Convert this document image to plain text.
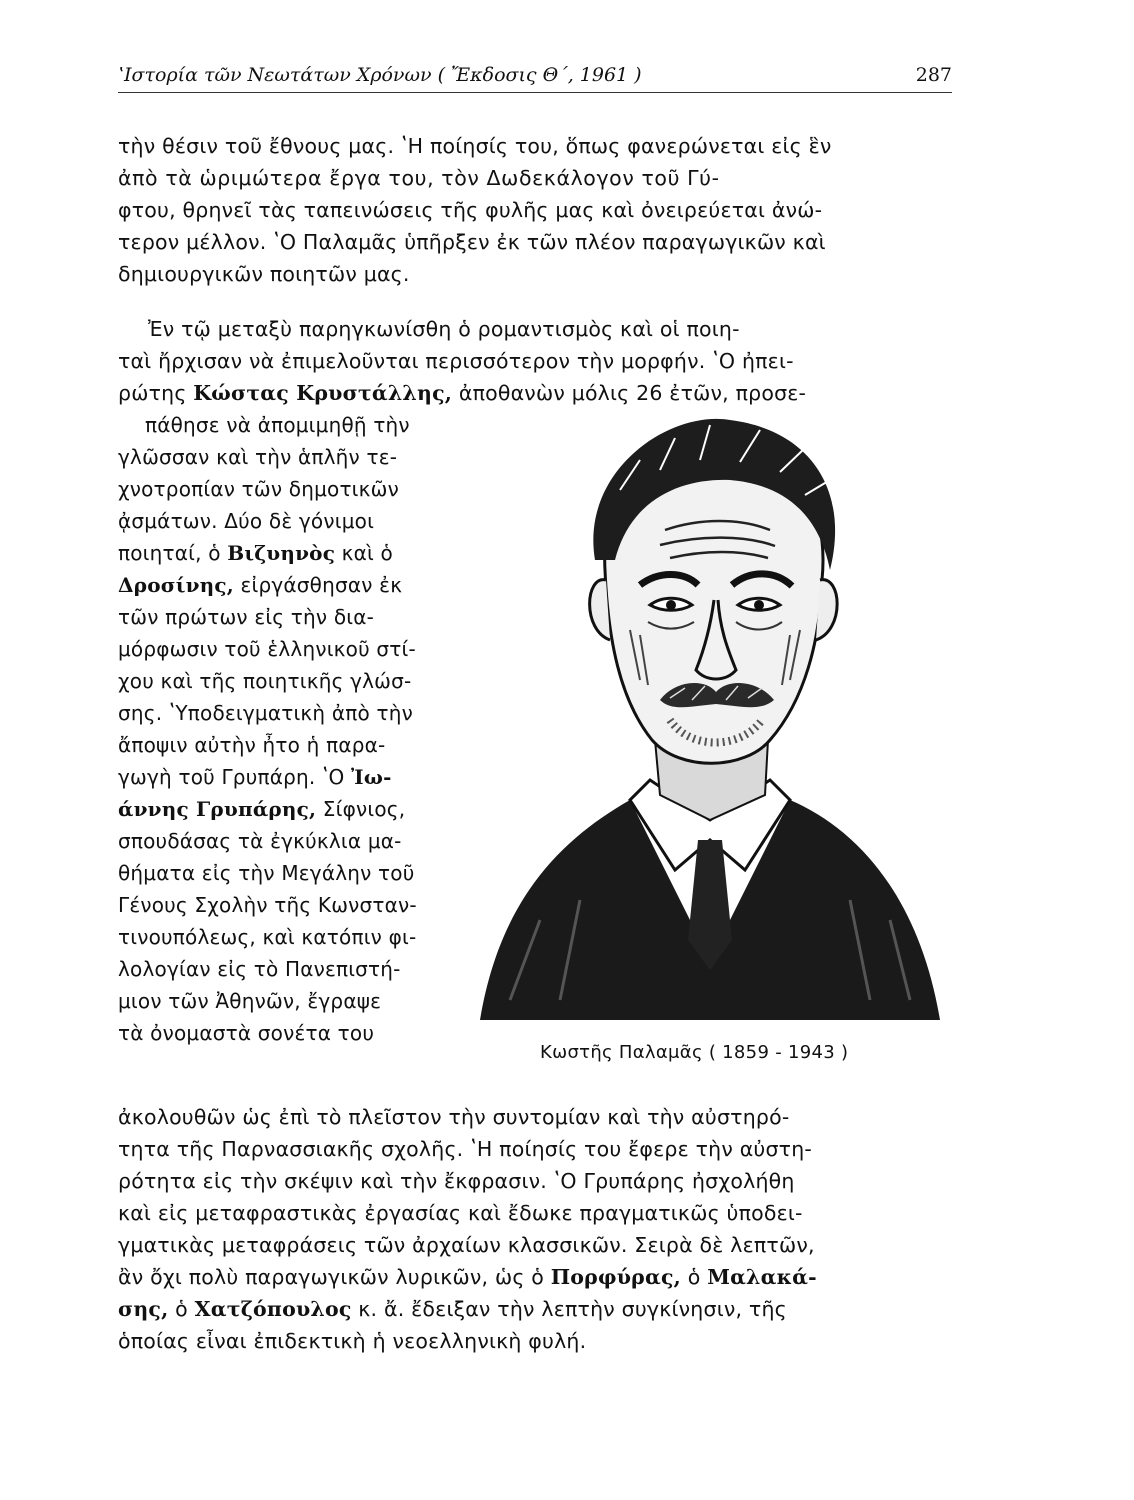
ʽΙστορία τῶν Νεωτάτων Χρόνων ( Ἔκδοσις Θ΄, 1961 )	287
τὴν θέσιν τοῦ ἔθνους μας. ʽΗ ποίησίς του, ὅπως φανερώνεται εἰς ἓν
ἀπὸ τὰ ὡριμώτερα ἔργα του, τὸν Δωδεκάλογον τοῦ Γύ-
φτου, θρηνεῖ τὰς ταπεινώσεις τῆς φυλῆς μας καὶ ὀνειρεύεται ἀνώ-
τερον μέλλον. ʽΟ Παλαμᾶς ὑπῆρξεν ἐκ τῶν πλέον παραγωγικῶν καὶ
δημιουργικῶν ποιητῶν μας.
Ἐν τῷ μεταξὺ παρηγκωνίσθη ὁ ρομαντισμὸς καὶ οἱ ποιη-
ταὶ ἤρχισαν νὰ ἐπιμελοῦνται περισσότερον τὴν μορφήν. ʽΟ ἠπει-
ρώτης Κώστας Κρυστάλλης, ἀποθανὼν μόλις 26 ἐτῶν, προσε-
πάθησε νὰ ἀπομιμηθῇ τὴν
γλῶσσαν καὶ τὴν ἁπλῆν τε-
χνοτροπίαν τῶν δημοτικῶν
ᾀσμάτων. Δύο δὲ γόνιμοι
ποιηταί, ὁ Βιζυηνὸς καὶ ὁ
Δροσίνης, εἰργάσθησαν ἐκ
τῶν πρώτων εἰς τὴν δια-
μόρφωσιν τοῦ ἑλληνικοῦ στί-
χου καὶ τῆς ποιητικῆς γλώσ-
σης. ʽΥποδειγματικὴ ἀπὸ τὴν
ἄποψιν αὐτὴν ἦτο ἡ παρα-
γωγὴ τοῦ Γρυπάρη. ʽΟ Ἰω-
άννης Γρυπάρης, Σίφνιος,
σπουδάσας τὰ ἐγκύκλια μα-
θήματα εἰς τὴν Μεγάλην τοῦ
Γένους Σχολὴν τῆς Κωνσταν-
τινουπόλεως, καὶ κατόπιν φι-
λολογίαν εἰς τὸ Πανεπιστή-
μιον τῶν Ἀθηνῶν, ἔγραψε
τὰ ὀνομαστὰ σονέτα του
ἀκολουθῶν ὡς ἐπὶ τὸ πλεῖστον τὴν συντομίαν καὶ τὴν αὐστηρό-
τητα τῆς Παρνασσιακῆς σχολῆς. ʽΗ ποίησίς του ἔφερε τὴν αὐστη-
ρότητα εἰς τὴν σκέψιν καὶ τὴν ἔκφρασιν. ʽΟ Γρυπάρης ἠσχολήθη
καὶ εἰς μεταφραστικὰς ἐργασίας καὶ ἔδωκε πραγματικῶς ὑποδει-
γματικὰς μεταφράσεις τῶν ἀρχαίων κλασσικῶν. Σειρὰ δὲ λεπτῶν,
ἂν ὄχι πολὺ παραγωγικῶν λυρικῶν, ὡς ὁ Πορφύρας, ὁ Μαλακά-
σης, ὁ Χατζόπουλος κ. ἄ. ἔδειξαν τὴν λεπτὴν συγκίνησιν, τῆς
ὁποίας εἶναι ἐπιδεκτικὴ ἡ νεοελληνικὴ φυλή.
Κωστῆς Παλαμᾶς ( 1859 - 1943 )
